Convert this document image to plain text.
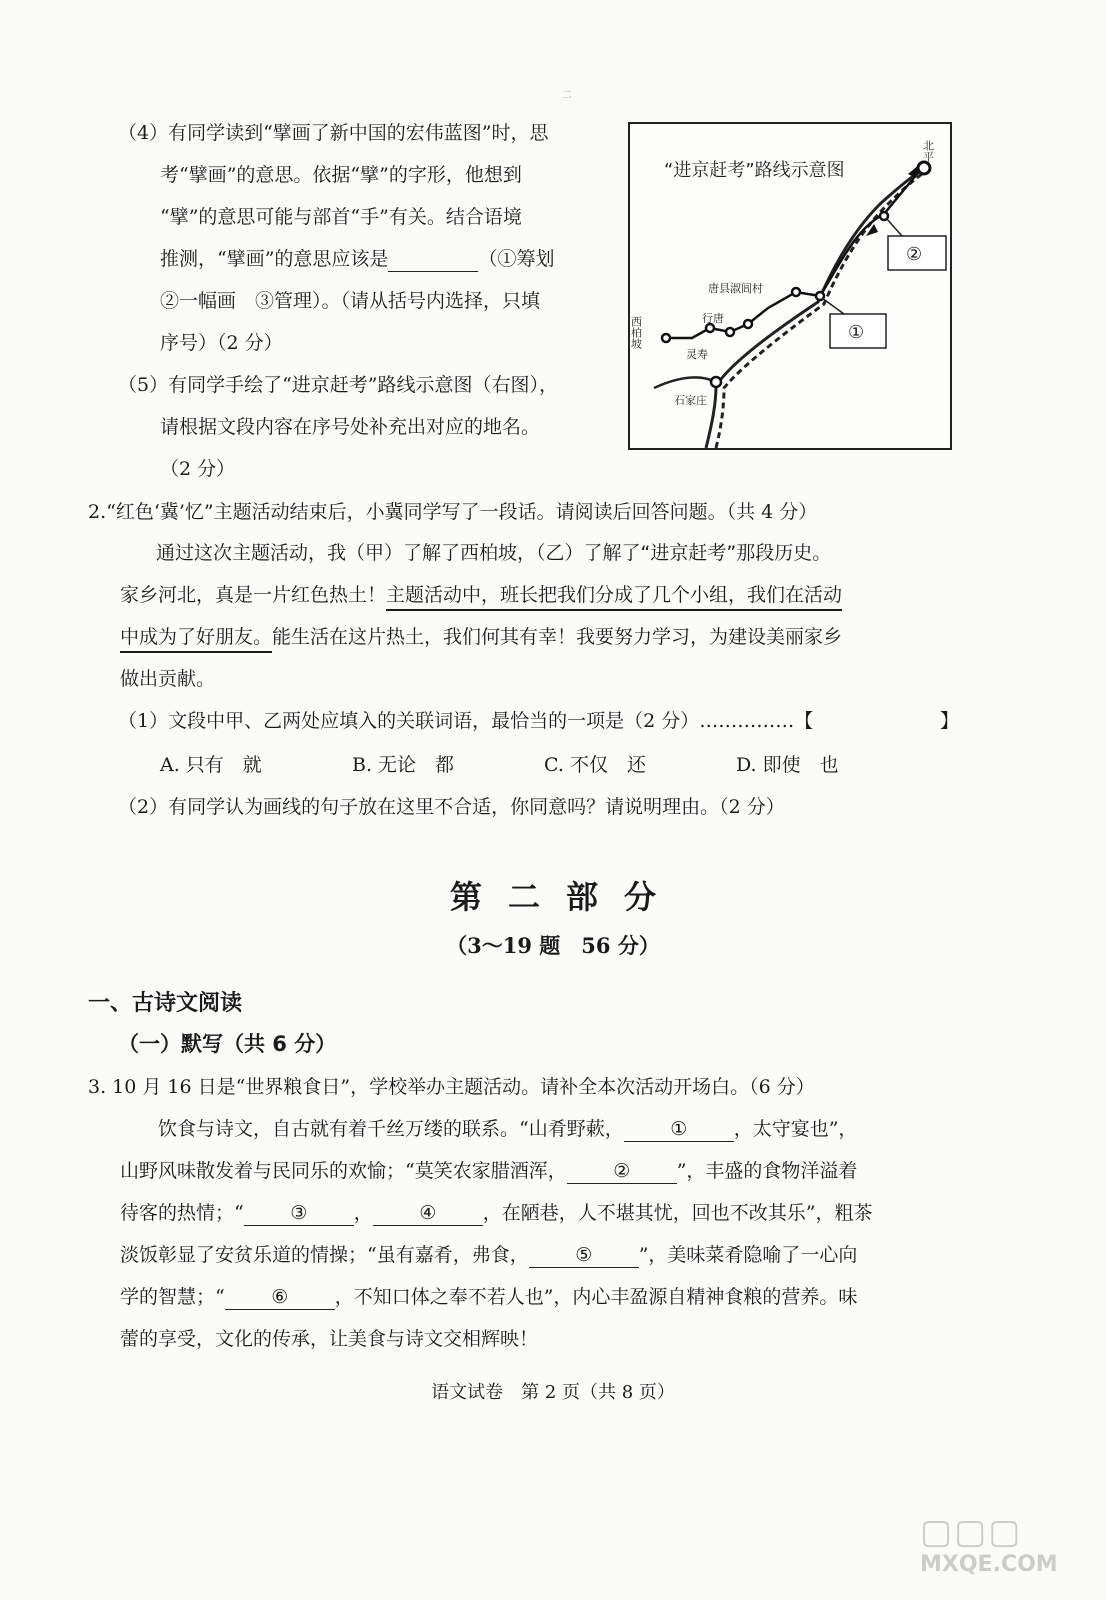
二
（4）有同学读到“擘画了新中国的宏伟蓝图”时，思
考“擘画”的意思。依据“擘”的字形，他想到
“擘”的意思可能与部首“手”有关。结合语境
推测，“擘画”的意思应该是	（①筹划
②一幅画　③管理）。（请从括号内选择，只填
序号）（2 分）
（5）有同学手绘了“进京赶考”路线示意图（右图），
请根据文段内容在序号处补充出对应的地名。
（2 分）
“进京赶考”路线示意图
北平
西柏坡	行唐
灵寿
唐县淑闾村
石家庄
①
②
2.“红色‘冀’忆”主题活动结束后，小冀同学写了一段话。请阅读后回答问题。（共 4 分）
通过这次主题活动，我（甲）了解了西柏坡，（乙）了解了“进京赶考”那段历史。
家乡河北，真是一片红色热土！主题活动中，班长把我们分成了几个小组，我们在活动
中成为了好朋友。能生活在这片热土，我们何其有幸！我要努力学习，为建设美丽家乡
做出贡献。
（1）文段中甲、乙两处应填入的关联词语，最恰当的一项是（2 分）……………【	】
A. 只有　就	B. 无论　都	C. 不仅　还	D. 即使　也
（2）有同学认为画线的句子放在这里不合适，你同意吗？请说明理由。（2 分）
第二部分
（3～19 题　56 分）
一、古诗文阅读
（一）默写（共 6 分）
3. 10 月 16 日是“世界粮食日”，学校举办主题活动。请补全本次活动开场白。（6 分）
饮食与诗文，自古就有着千丝万缕的联系。“山肴野蔌， ① ，太守宴也”，
山野风味散发着与民同乐的欢愉；“莫笑农家腊酒浑， ② ”，丰盛的食物洋溢着
待客的热情；“ ③ ， ④ ，在陋巷，人不堪其忧，回也不改其乐”，粗茶
淡饭彰显了安贫乐道的情操；“虽有嘉肴，弗食， ⑤ ”，美味菜肴隐喻了一心向
学的智慧；“ ⑥ ，不知口体之奉不若人也”，内心丰盈源自精神食粮的营养。味
蕾的享受，文化的传承，让美食与诗文交相辉映！
语文试卷　第 2 页（共 8 页）
▢▢▢
MXQE.COM
